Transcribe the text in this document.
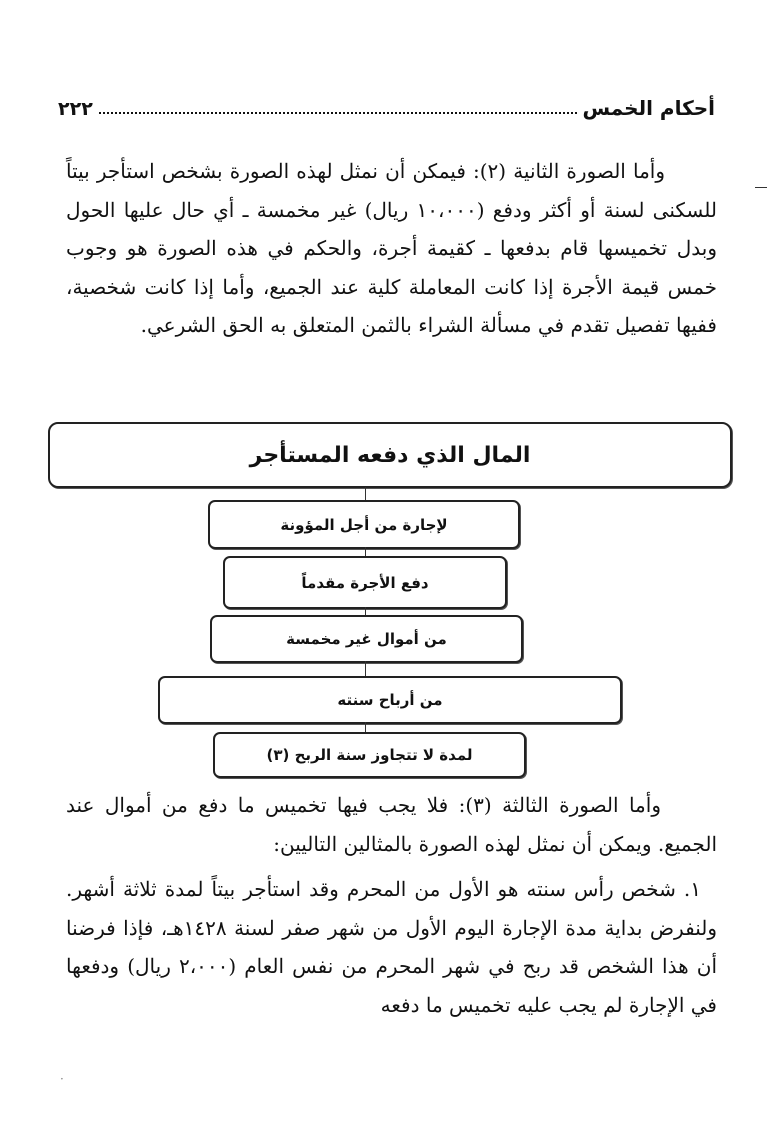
أحكام الخمس
٢٢٢
وأما الصورة الثانية (٢): فيمكن أن نمثل لهذه الصورة بشخص استأجر بيتاً للسكنى لسنة أو أكثر ودفع (١٠،٠٠٠ ريال) غير مخمسة ـ أي حال عليها الحول وبدل تخميسها قام بدفعها ـ كقيمة أجرة، والحكم في هذه الصورة هو وجوب خمس قيمة الأجرة إذا كانت المعاملة كلية عند الجميع، وأما إذا كانت شخصية، ففيها تفصيل تقدم في مسألة الشراء بالثمن المتعلق به الحق الشرعي.
المال الذي دفعه المستأجر
لإجارة من أجل المؤونة
دفع الأجرة مقدماً
من أموال غير مخمسة
من أرباح سنته
لمدة لا تتجاوز سنة الربح (٣)
وأما الصورة الثالثة (٣): فلا يجب فيها تخميس ما دفع من أموال عند الجميع. ويمكن أن نمثل لهذه الصورة بالمثالين التاليين:
١. شخص رأس سنته هو الأول من المحرم وقد استأجر بيتاً لمدة ثلاثة أشهر. ولنفرض بداية مدة الإجارة اليوم الأول من شهر صفر لسنة ١٤٢٨هـ، فإذا فرضنا أن هذا الشخص قد ربح في شهر المحرم من نفس العام (٢،٠٠٠ ريال) ودفعها في الإجارة لم يجب عليه تخميس ما دفعه
·
